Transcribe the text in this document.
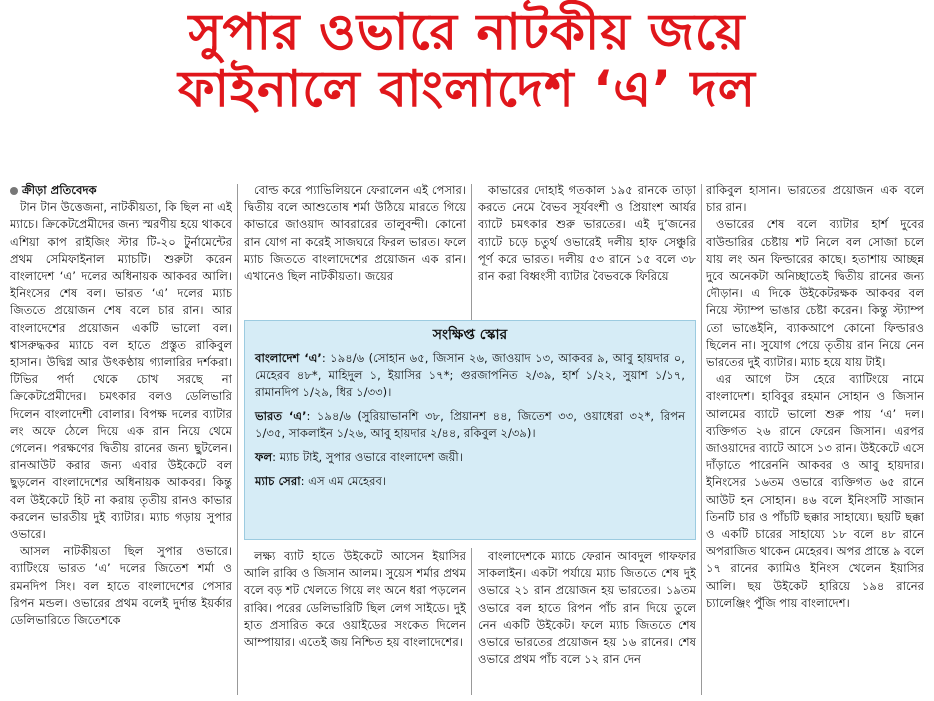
সুপার ওভারে নাটকীয় জয়ে
ফাইনালে বাংলাদেশ ‘এ’ দল

ক্রীড়া প্রতিবেদক

টান টান উত্তেজনা, নাটকীয়তা, কি ছিল না এই ম্যাচে। ক্রিকেটপ্রেমীদের জন্য স্মরণীয় হয়ে থাকবে এশিয়া কাপ রাইজিং স্টার টি-২০ টুর্নামেন্টের প্রথম সেমিফাইনাল ম্যাচটি। শুরুটা করেন বাংলাদেশ ‘এ’ দলের অধিনায়ক আকবর আলি। ইনিংসের শেষ বল। ভারত ‘এ’ দলের ম্যাচ জিততে প্রয়োজন শেষ বলে চার রান। আর বাংলাদেশের প্রয়োজন একটি ভালো বল। শ্বাসরুদ্ধকর ম্যাচে বল হাতে প্রস্তুত রাকিবুল হাসান। উদ্বিগ্ন আর উৎকণ্ঠায় গ্যালারির দর্শকরা। টিভির পর্দা থেকে চোখ সরছে না ক্রিকেটপ্রেমীদের। চমৎকার বলও ডেলিভারি দিলেন বাংলাদেশী বোলার। বিপক্ষ দলের ব্যাটার লং অফে ঠেলে দিয়ে এক রান নিয়ে থেমে গেলেন। পরক্ষণের দ্বিতীয় রানের জন্য ছুটলেন। রানআউট করার জন্য এবার উইকেটে বল ছুড়লেন বাংলাদেশের অধিনায়ক আকবর। কিন্তু বল উইকেটে হিট না করায় তৃতীয় রানও কাভার করলেন ভারতীয় দুই ব্যাটার। ম্যাচ গড়ায় সুপার ওভারে।

আসল নাটকীয়তা ছিল সুপার ওভারে। ব্যাটিংয়ে ভারত ‘এ’ দলের জিতেশ শর্মা ও রমনদিপ সিং। বল হাতে বাংলাদেশের পেসার রিপন মন্ডল। ওভারের প্রথম বলেই দুর্দান্ত ইয়র্কার ডেলিভারিতে জিতেশকে

বোল্ড করে প্যাভিলিয়নে ফেরালেন এই পেসার। দ্বিতীয় বলে আশুতোষ শর্মা উঠিয়ে মারতে গিয়ে কাভারে জাওয়াদ আবরারের তালুবন্দী। কোনো রান যোগ না করেই সাজঘরে ফিরল ভারত। ফলে ম্যাচ জিততে বাংলাদেশের প্রয়োজন এক রান। এখানেও ছিল নাটকীয়তা। জয়ের

কাভারের দোহাই গতকাল ১৯৫ রানকে তাড়া করতে নেমে বৈভব সূর্যবংশী ও প্রিয়াংশ আর্যর ব্যাটে চমৎকার শুরু ভারতের। এই দু’জনের ব্যাটে চড়ে চতুর্থ ওভারেই দলীয় হাফ সেঞ্চুরি পূর্ণ করে ভারত। দলীয় ৫৩ রানে ১৫ বলে ৩৮ রান করা বিধ্বংসী ব্যাটার বৈভবকে ফিরিয়ে

রাকিবুল হাসান। ভারতের প্রয়োজন এক বলে চার রান।

ওভারের শেষ বলে ব্যাটার হার্শ দুবের বাউন্ডারির চেষ্টায় শট নিলে বল সোজা চলে যায় লং অন ফিল্ডারের কাছে। হতাশায় আচ্ছন্ন দুবে অনেকটা অনিচ্ছাতেই দ্বিতীয় রানের জন্য দৌড়ান। এ দিকে উইকেটরক্ষক আকবর বল নিয়ে স্ট্যাম্প ভাঙার চেষ্টা করেন। কিন্তু স্ট্যাম্প তো ভাঙেইনি, ব্যাকআপে কোনো ফিল্ডারও ছিলেন না। সুযোগ পেয়ে তৃতীয় রান নিয়ে নেন ভারতের দুই ব্যাটার। ম্যাচ হয়ে যায় টাই।

এর আগে টস হেরে ব্যাটিংয়ে নামে বাংলাদেশ। হাবিবুর রহমান সোহান ও জিসান আলমের ব্যাটে ভালো শুরু পায় ‘এ’ দল। ব্যক্তিগত ২৬ রানে ফেরেন জিসান। এরপর জাওয়াদের ব্যাটে আসে ১৩ রান। উইকেটে এসে দাঁড়াতে পারেননি আকবর ও আবু হায়দার। ইনিংসের ১৬তম ওভারে ব্যক্তিগত ৬৫ রানে আউট হন সোহান। ৪৬ বলে ইনিংসটি সাজান তিনটি চার ও পাঁচটি ছক্কার সাহায্যে। ছয়টি ছক্কা ও একটি চারের সাহায্যে ১৮ বলে ৪৮ রানে অপরাজিত থাকেন মেহেরব। অপর প্রান্তে ৯ বলে ১৭ রানের ক্যামিও ইনিংস খেলেন ইয়াসির আলি। ছয় উইকেট হারিয়ে ১৯৪ রানের চ্যালেঞ্জিং পুঁজি পায় বাংলাদেশ।

সংক্ষিপ্ত স্কোর

বাংলাদেশ ‘এ’: ১৯৪/৬ (সোহান ৬৫, জিসান ২৬, জাওয়াদ ১৩, আকবর ৯, আবু হায়দার ০, মেহেরব ৪৮*, মাহিদুল ১, ইয়াসির ১৭*; গুরজাপনিত ২/৩৯, হার্শ ১/২২, সুয়াশ ১/১৭, রামানদিপ ১/২৯, ধির ১/৩৩)।

ভারত ‘এ’: ১৯৪/৬ (সুরিয়াভানশি ৩৮, প্রিয়ানশ ৪৪, জিতেশ ৩৩, ওয়াধেরা ৩২*, রিপন ১/৩৫, সাকলাইন ১/২৬, আবু হায়দার ২/৪৪, রকিবুল ২/৩৯)।

ফল: ম্যাচ টাই, সুপার ওভারে বাংলাদেশ জয়ী।

ম্যাচ সেরা: এস এম মেহেরব।

লক্ষ্য ব্যাট হাতে উইকেটে আসেন ইয়াসির আলি রাব্বি ও জিসান আলম। সুয়েস শর্মার প্রথম বলে বড় শট খেলতে গিয়ে লং অনে ধরা পড়লেন রাব্বি। পরের ডেলিভারিটি ছিল লেগ সাইডে। দুই হাত প্রসারিত করে ওয়াইডের সংকেত দিলেন আম্পায়ার। এতেই জয় নিশ্চিত হয় বাংলাদেশের।

বাংলাদেশকে ম্যাচে ফেরান আবদুল গাফফার সাকলাইন। একটা পর্যায়ে ম্যাচ জিততে শেষ দুই ওভারে ২১ রান প্রয়োজন হয় ভারতের। ১৯তম ওভারে বল হাতে রিপন পাঁচ রান দিয়ে তুলে নেন একটি উইকেট। ফলে ম্যাচ জিততে শেষ ওভারে ভারতের প্রয়োজন হয় ১৬ রানের। শেষ ওভারে প্রথম পাঁচ বলে ১২ রান দেন
